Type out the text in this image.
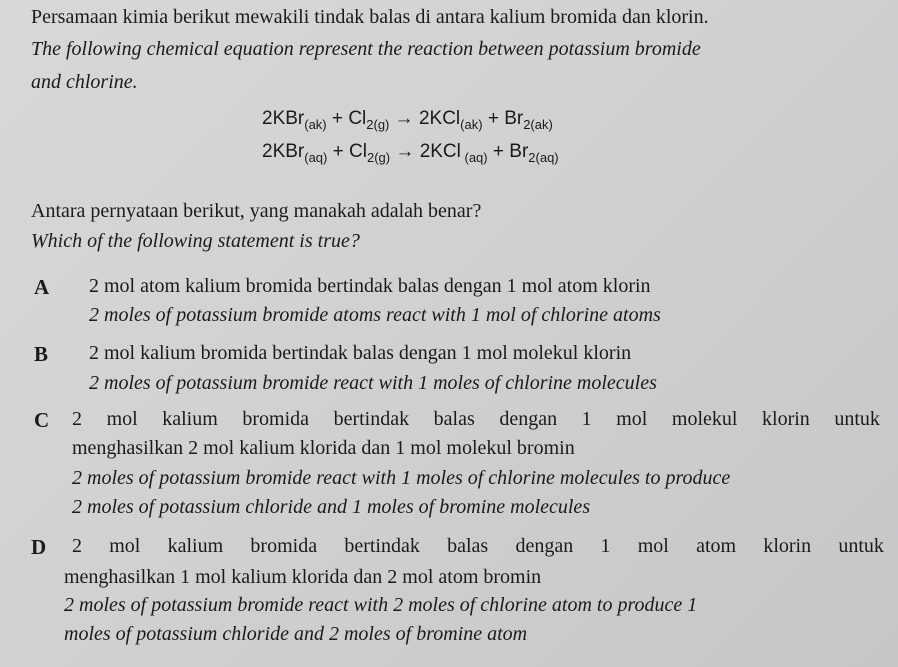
Persamaan kimia berikut mewakili tindak balas di antara kalium bromida dan klorin.
The following chemical equation represent the reaction between potassium bromide
and chlorine.
$2KBr_{(ak)} + Cl_{2(g)} \to 2KCl_{(ak)} + Br_{2(ak)}$
$2KBr_{(aq)} + Cl_{2(g)} \to 2KCl$ $_{(aq)} + Br_{2(aq)}$
Antara pernyataan berikut, yang manakah adalah benar?
Which of the following statement is true?
A 2 mol atom kalium bromida bertindak balas dengan 1 mol atom klorin
2 moles of potassium bromide atoms react with 1 mol of chlorine atoms
B 2 mol kalium bromida bertindak balas dengan 1 mol molekul klorin
2 moles of potassium bromide react with 1 moles of chlorine molecules
C 2 mol kalium bromida bertindak balas dengan 1 mol molekul klorin untuk
menghasilkan 2 mol kalium klorida dan 1 mol molekul bromin
2 moles of potassium bromide react with 1 moles of chlorine molecules to produce
2 moles of potassium chloride and 1 moles of bromine molecules
D 2 mol kalium bromida bertindak balas dengan 1 mol atom klorin untuk
menghasilkan 1 mol kalium klorida dan 2 mol atom bromin
2 moles of potassium bromide react with 2 moles of chlorine atom to produce 1
moles of potassium chloride and 2 moles of bromine atom
